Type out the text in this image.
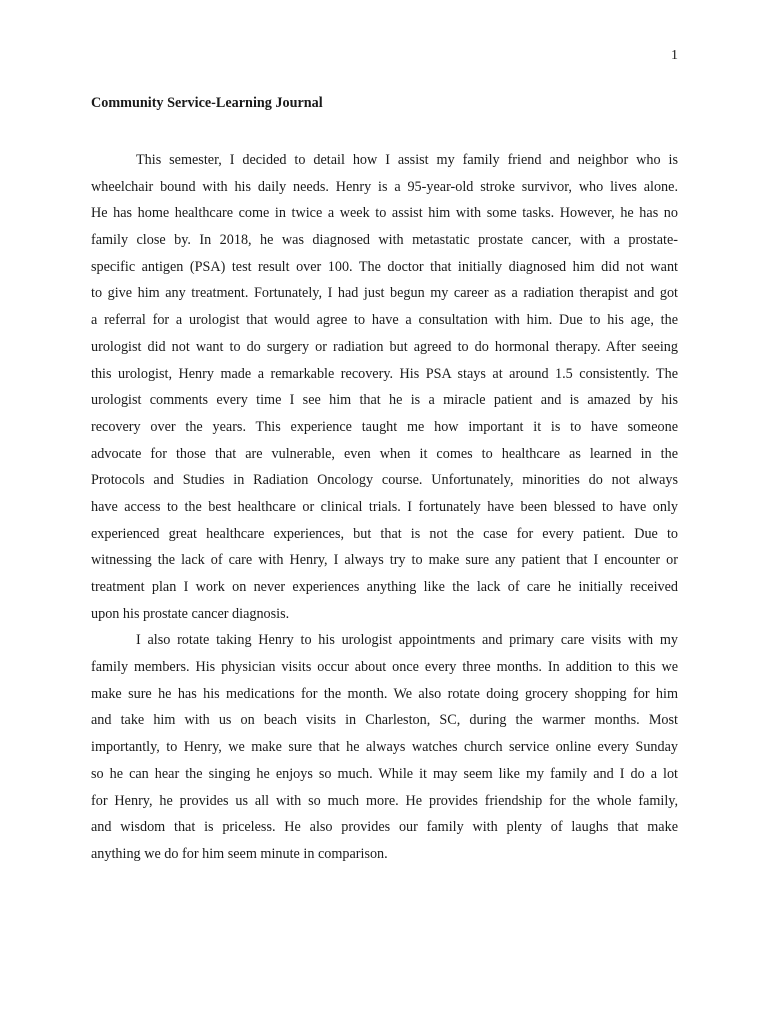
1
Community Service-Learning Journal
This semester, I decided to detail how I assist my family friend and neighbor who is
wheelchair bound with his daily needs. Henry is a 95-year-old stroke survivor, who lives alone.
He has home healthcare come in twice a week to assist him with some tasks. However, he has no
family close by. In 2018, he was diagnosed with metastatic prostate cancer, with a prostate-
specific antigen (PSA) test result over 100. The doctor that initially diagnosed him did not want
to give him any treatment. Fortunately, I had just begun my career as a radiation therapist and got
a referral for a urologist that would agree to have a consultation with him. Due to his age, the
urologist did not want to do surgery or radiation but agreed to do hormonal therapy. After seeing
this urologist, Henry made a remarkable recovery. His PSA stays at around 1.5 consistently. The
urologist comments every time I see him that he is a miracle patient and is amazed by his
recovery over the years. This experience taught me how important it is to have someone
advocate for those that are vulnerable, even when it comes to healthcare as learned in the
Protocols and Studies in Radiation Oncology course. Unfortunately, minorities do not always
have access to the best healthcare or clinical trials. I fortunately have been blessed to have only
experienced great healthcare experiences, but that is not the case for every patient. Due to
witnessing the lack of care with Henry, I always try to make sure any patient that I encounter or
treatment plan I work on never experiences anything like the lack of care he initially received
upon his prostate cancer diagnosis.
I also rotate taking Henry to his urologist appointments and primary care visits with my
family members. His physician visits occur about once every three months. In addition to this we
make sure he has his medications for the month. We also rotate doing grocery shopping for him
and take him with us on beach visits in Charleston, SC, during the warmer months. Most
importantly, to Henry, we make sure that he always watches church service online every Sunday
so he can hear the singing he enjoys so much. While it may seem like my family and I do a lot
for Henry, he provides us all with so much more. He provides friendship for the whole family,
and wisdom that is priceless. He also provides our family with plenty of laughs that make
anything we do for him seem minute in comparison.
